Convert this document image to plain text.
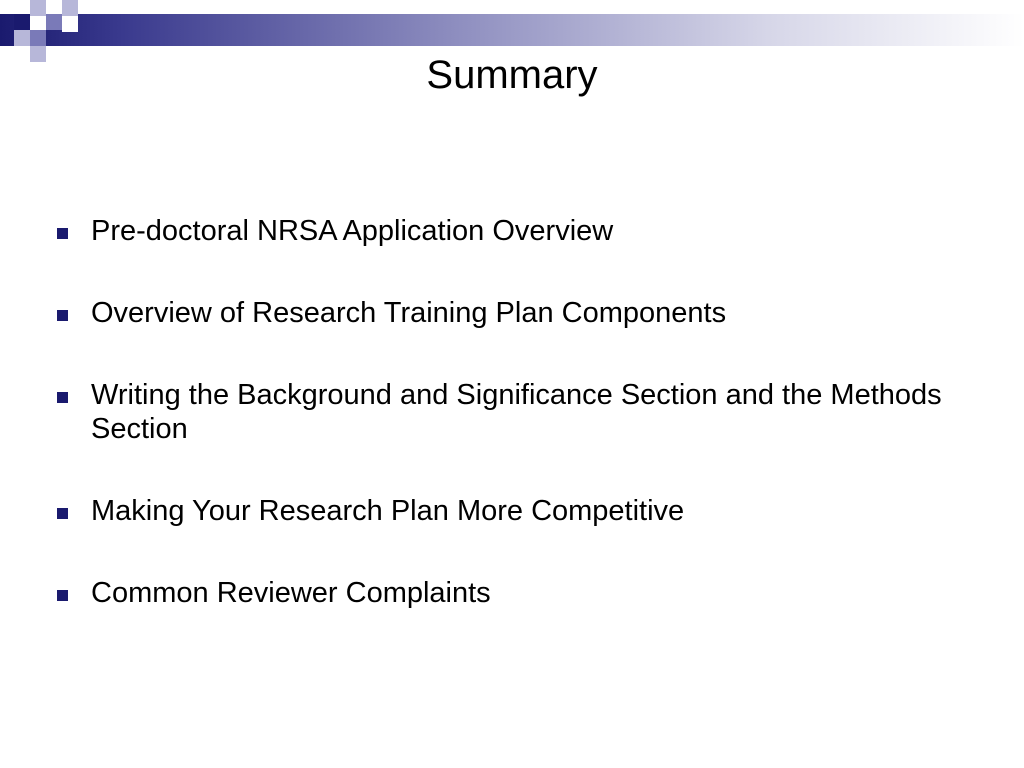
Summary
Pre-doctoral NRSA Application Overview
Overview of Research Training Plan Components
Writing the Background and Significance Section and the Methods Section
Making Your Research Plan More Competitive
Common Reviewer Complaints
